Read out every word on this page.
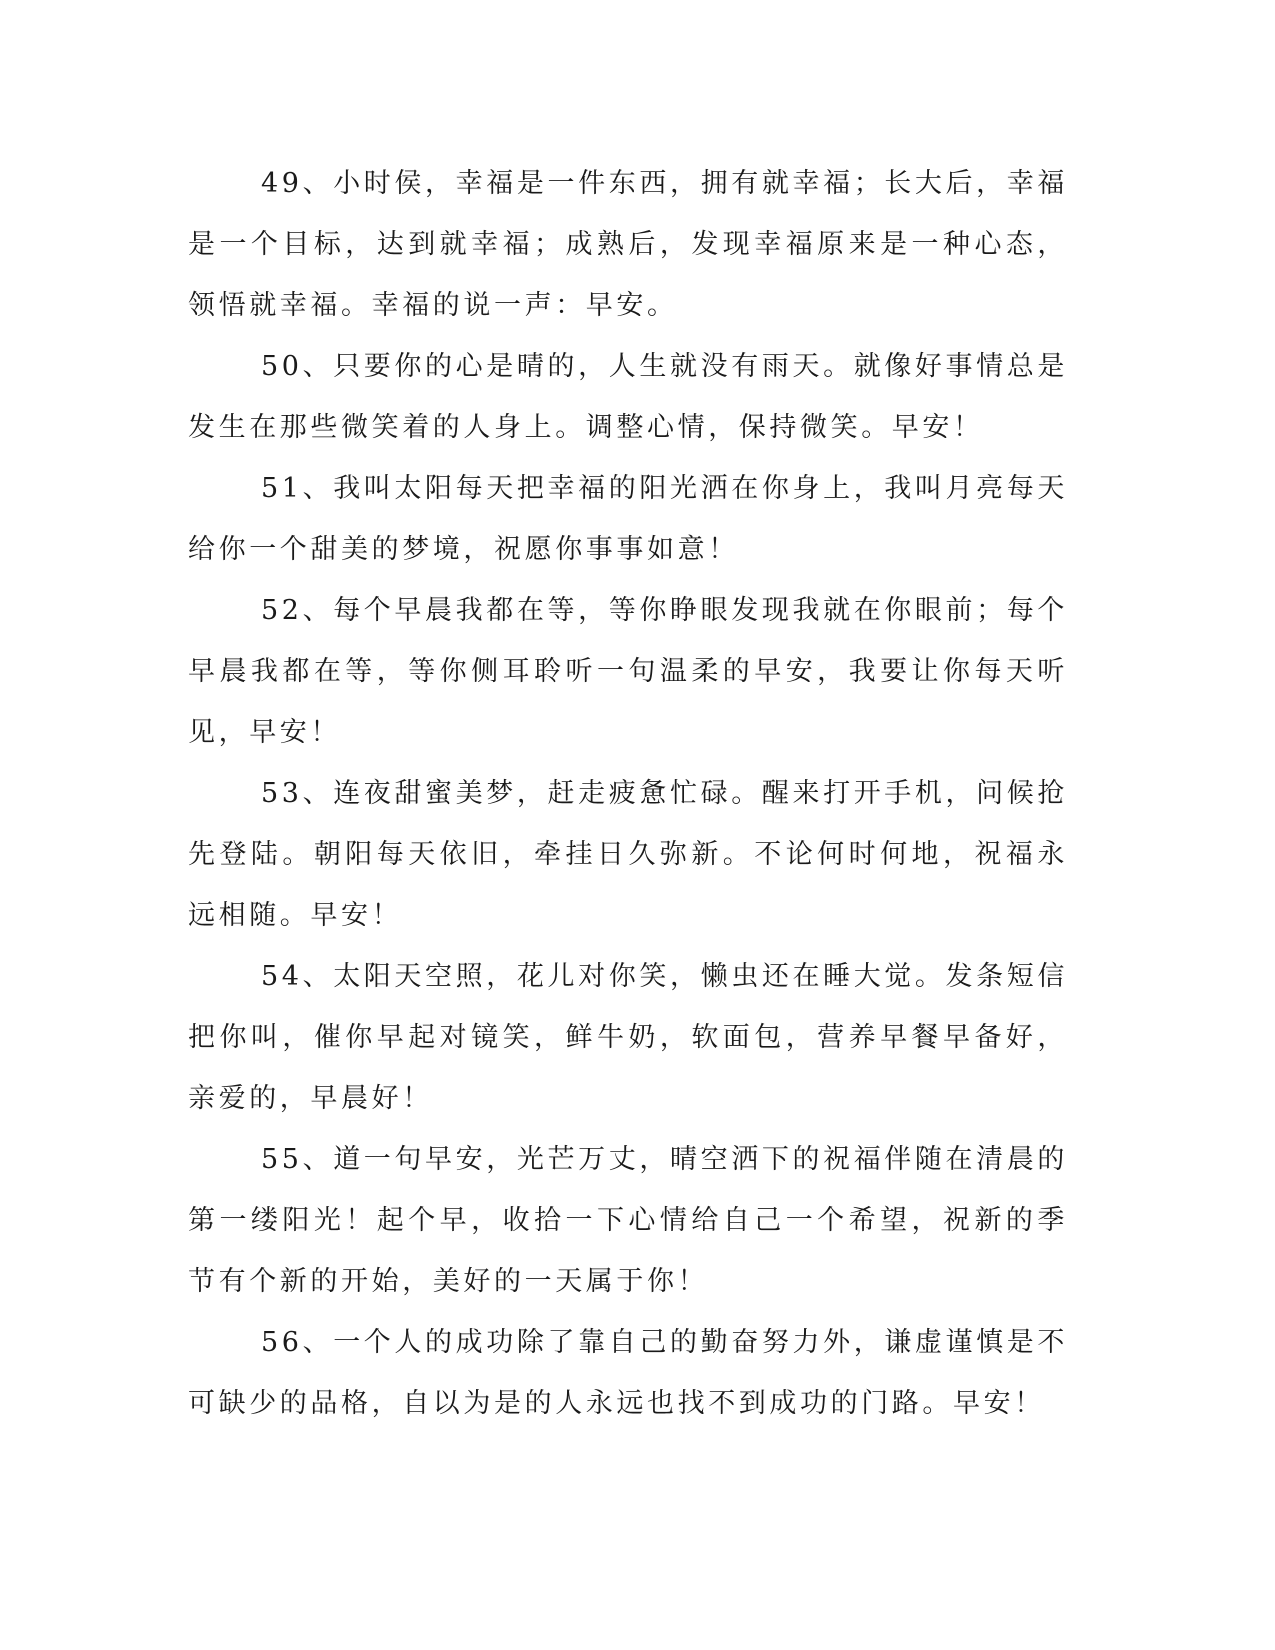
49、小时侯，幸福是一件东西，拥有就幸福；长大后，幸福是一个目标，达到就幸福；成熟后，发现幸福原来是一种心态，领悟就幸福。幸福的说一声：早安。

50、只要你的心是晴的，人生就没有雨天。就像好事情总是发生在那些微笑着的人身上。调整心情，保持微笑。早安！

51、我叫太阳每天把幸福的阳光洒在你身上，我叫月亮每天给你一个甜美的梦境，祝愿你事事如意！

52、每个早晨我都在等，等你睁眼发现我就在你眼前；每个早晨我都在等，等你侧耳聆听一句温柔的早安，我要让你每天听见，早安！

53、连夜甜蜜美梦，赶走疲惫忙碌。醒来打开手机，问候抢先登陆。朝阳每天依旧，牵挂日久弥新。不论何时何地，祝福永远相随。早安！

54、太阳天空照，花儿对你笑，懒虫还在睡大觉。发条短信把你叫，催你早起对镜笑，鲜牛奶，软面包，营养早餐早备好，亲爱的，早晨好！

55、道一句早安，光芒万丈，晴空洒下的祝福伴随在清晨的第一缕阳光！起个早，收拾一下心情给自己一个希望，祝新的季节有个新的开始，美好的一天属于你！

56、一个人的成功除了靠自己的勤奋努力外，谦虚谨慎是不可缺少的品格，自以为是的人永远也找不到成功的门路。早安！
